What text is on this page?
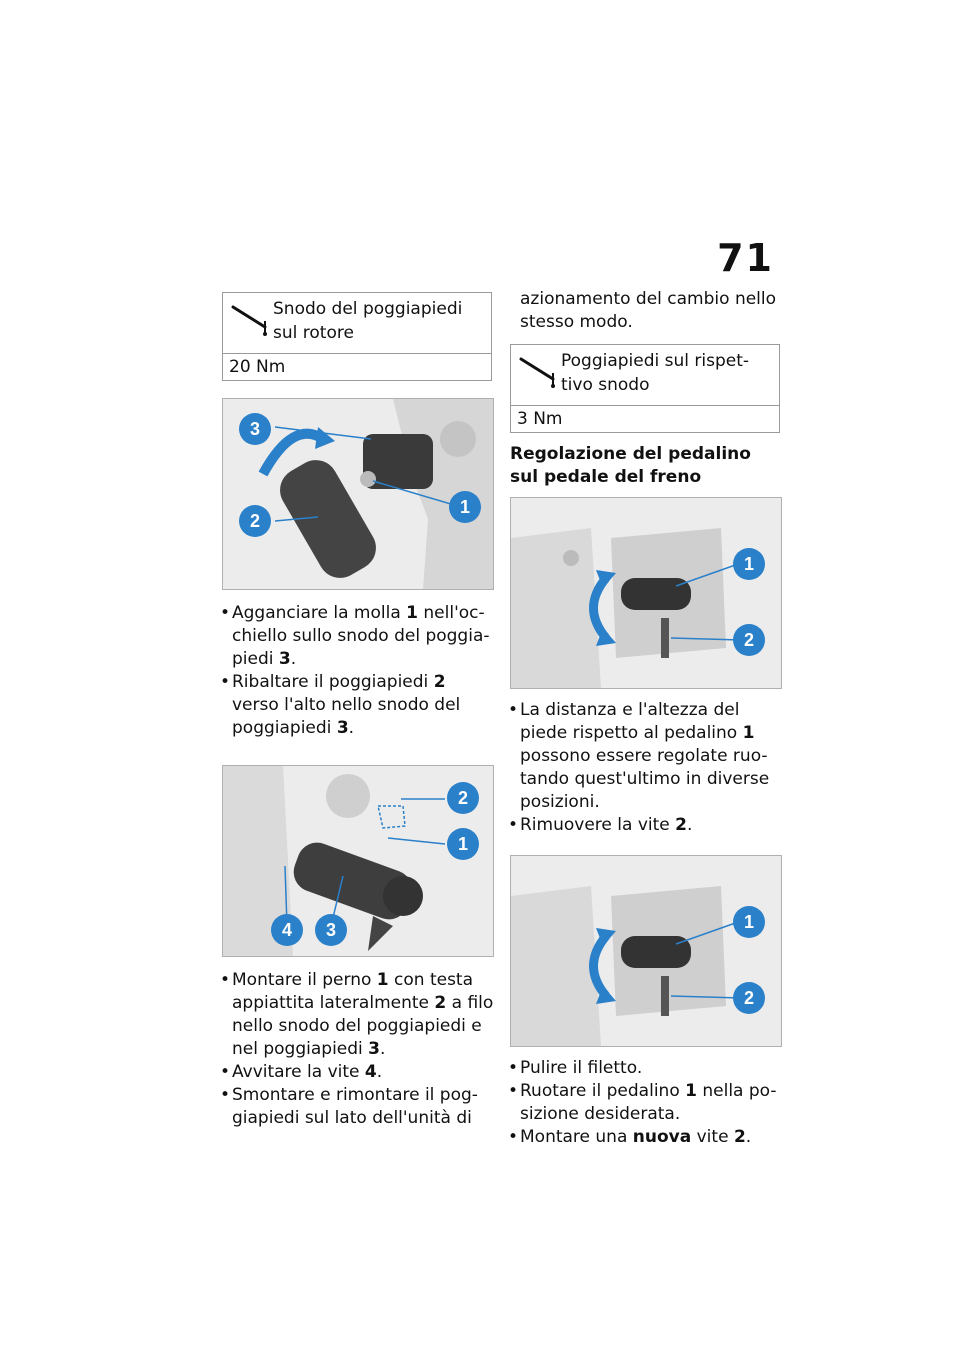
71
Snodo del poggiapiedi sul rotore
20 Nm
3
2
1
• Agganciare la molla 1 nell'oc-chiello sullo snodo del poggia-piedi 3.
• Ribaltare il poggiapiedi 2 verso l'alto nello snodo del poggiapiedi 3.
2
1
4	3
• Montare il perno 1 con testa appiattita lateralmente 2 a filo nello snodo del poggiapiedi e nel poggiapiedi 3.
• Avvitare la vite 4.
• Smontare e rimontare il pog-giapiedi sul lato dell'unità di
azionamento del cambio nello stesso modo.
Poggiapiedi sul rispet-tivo snodo
3 Nm
Regolazione del pedalino sul pedale del freno
1
2
• La distanza e l'altezza del piede rispetto al pedalino 1 possono essere regolate ruo-tando quest'ultimo in diverse posizioni.
• Rimuovere la vite 2.
1
2
• Pulire il filetto.
• Ruotare il pedalino 1 nella po-sizione desiderata.
• Montare una nuova vite 2.
